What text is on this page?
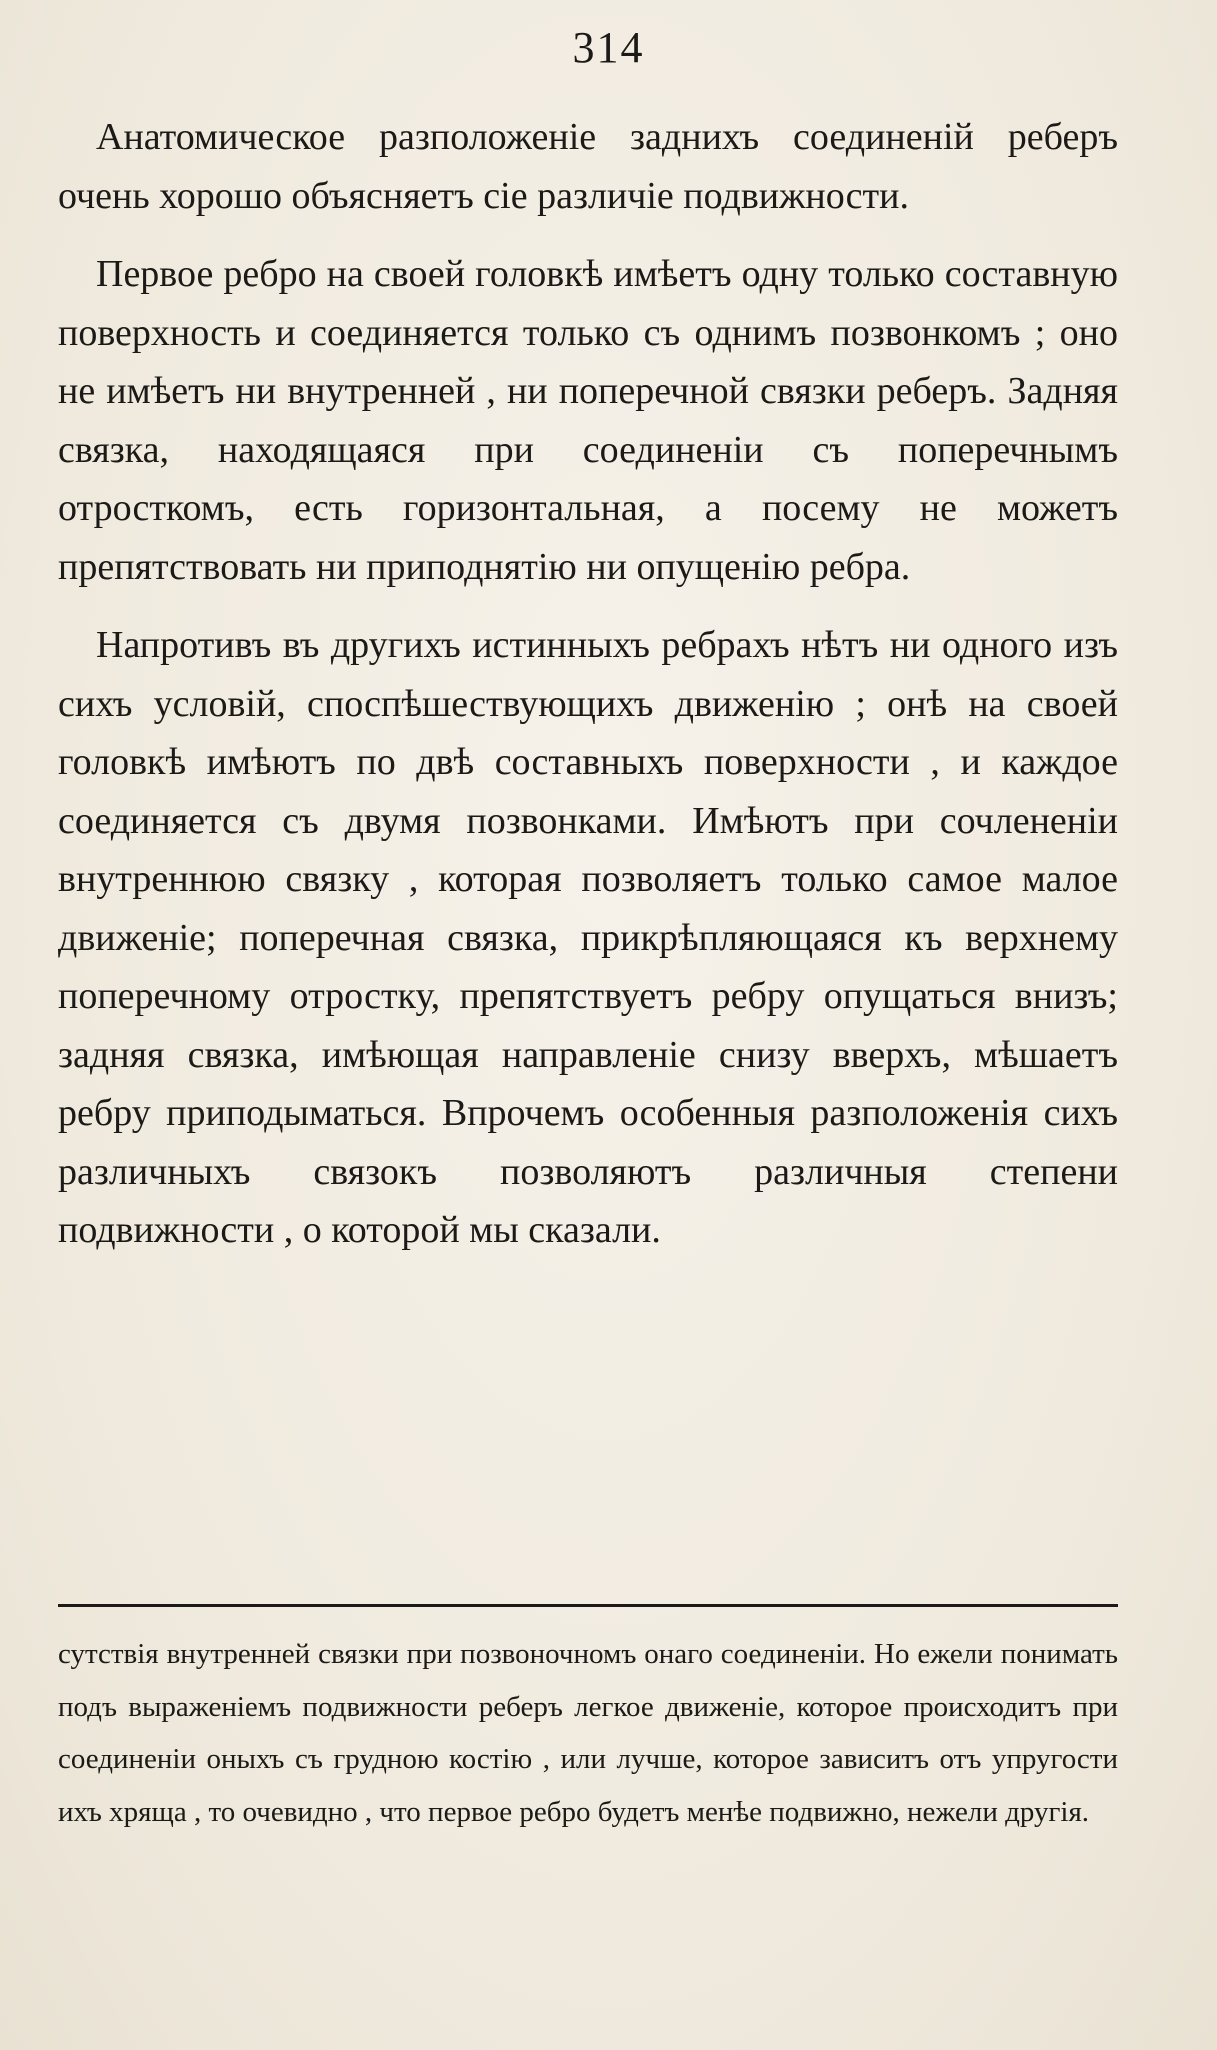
314

Анатомическое разположенiе заднихъ соединенiй реберъ очень хорошо объясняетъ сiе различiе подвижности.

Первое ребро на своей головкѣ имѣетъ одну только составную поверхность и соединяется только съ однимъ позвонкомъ ; оно не имѣетъ ни внутренней , ни поперечной связки реберъ. Задняя связка, находящаяся при соединенiи съ поперечнымъ отросткомъ, есть горизонтальная, а посему не можетъ препятствовать ни приподнятiю ни опущенiю ребра.

Напротивъ въ другихъ истинныхъ ребрахъ нѣтъ ни одного изъ сихъ условiй, споспѣшествующихъ движенiю ; онѣ на своей головкѣ имѣютъ по двѣ составныхъ поверхности , и каждое соединяется съ двумя позвонками. Имѣютъ при сочлененiи внутреннюю связку , которая позволяетъ только самое малое движенiе; поперечная связка, прикрѣпляющаяся къ верхнему поперечному отростку, препятствуетъ ребру опущаться внизъ; задняя связка, имѣющая направленiе снизу вверхъ, мѣшаетъ ребру приподыматься. Впрочемъ особенныя разположенiя сихъ различныхъ связокъ позволяютъ различныя степени подвижности , о которой мы сказали.

сутствiя внутренней связки при позвоночномъ онаго соединенiи. Но ежели понимать подъ выраженiемъ подвижности реберъ легкое движенiе, которое происходитъ при соединенiи оныхъ съ грудною костiю , или лучше, которое зависитъ отъ упругости ихъ хряща , то очевидно , что первое ребро будетъ менѣе подвижно, нежели другiя.
